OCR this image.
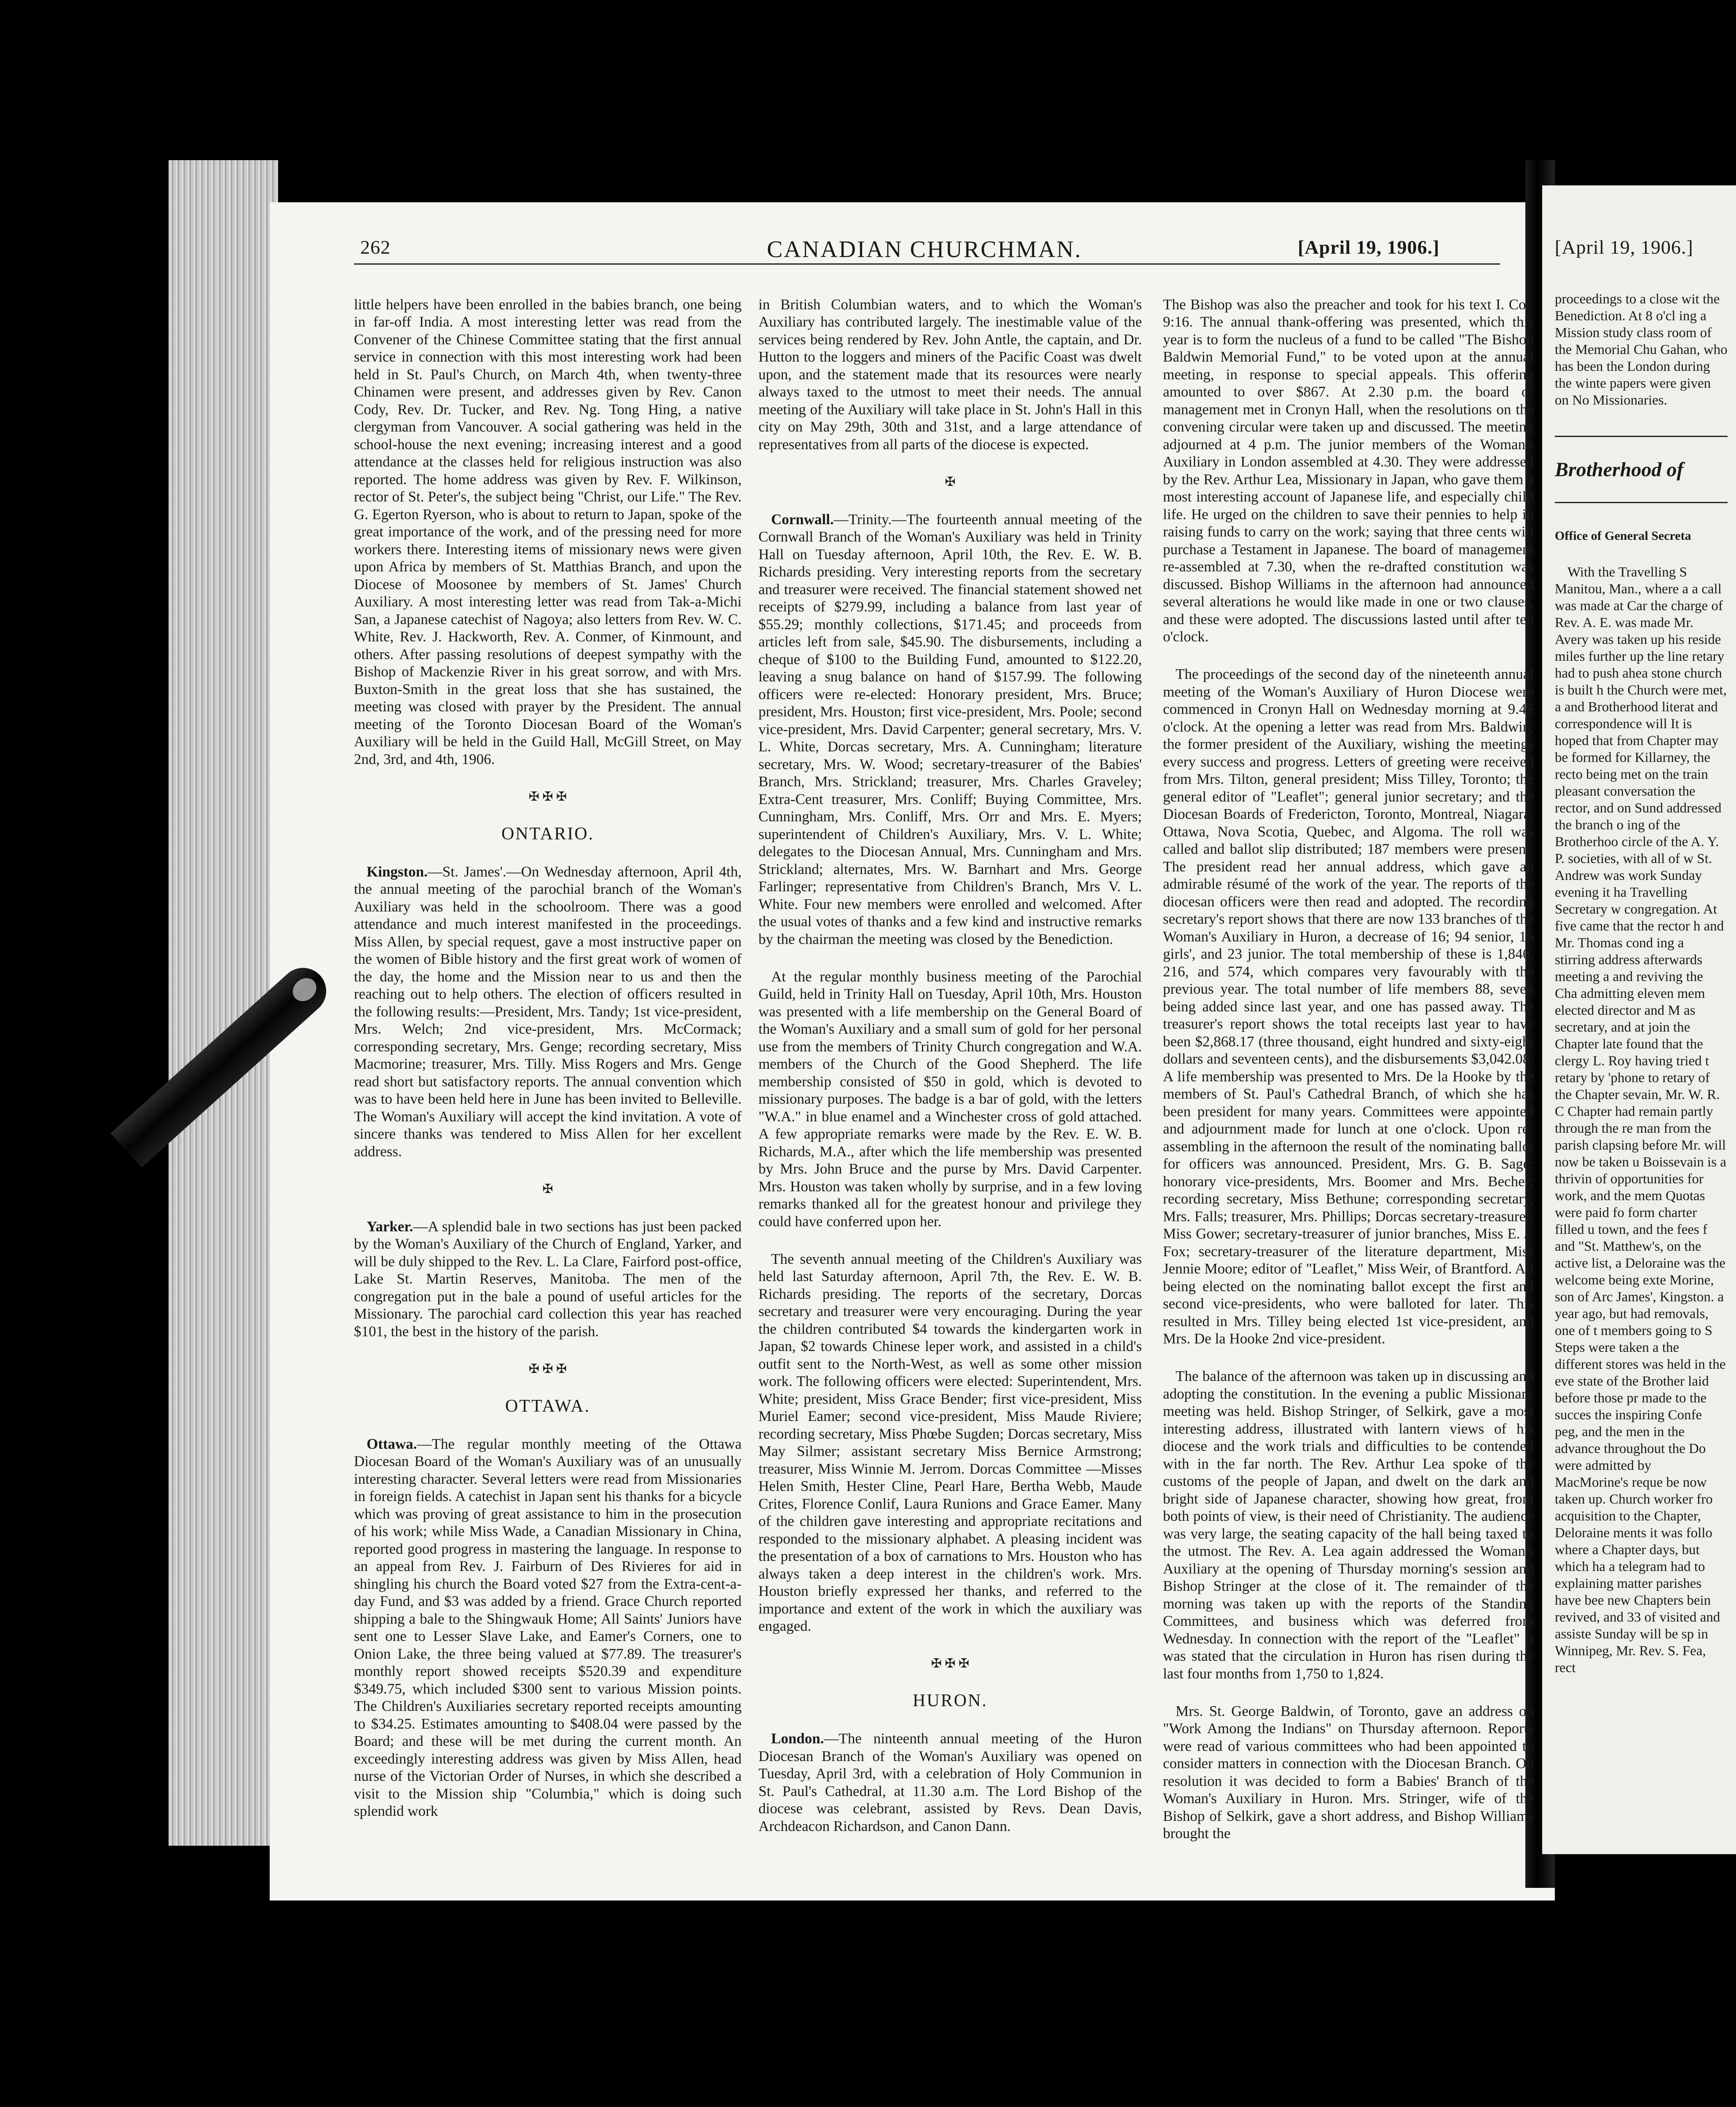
262	CANADIAN CHURCHMAN.	[April 19, 1906.]	[April 19, 1906.]

little helpers have been enrolled in the babies branch, one being in far-off India. A most interesting letter was read from the Convener of the Chinese Committee stating that the first annual service in connection with this most interesting work had been held in St. Paul's Church, on March 4th, when twenty-three Chinamen were present, and addresses given by Rev. Canon Cody, Rev. Dr. Tucker, and Rev. Ng. Tong Hing, a native clergyman from Vancouver. A social gathering was held in the school-house the next evening; increasing interest and a good attendance at the classes held for religious instruction was also reported. The home address was given by Rev. F. Wilkinson, rector of St. Peter's, the subject being "Christ, our Life." The Rev. G. Egerton Ryerson, who is about to return to Japan, spoke of the great importance of the work, and of the pressing need for more workers there. Interesting items of missionary news were given upon Africa by members of St. Matthias Branch, and upon the Diocese of Moosonee by members of St. James' Church Auxiliary. A most interesting letter was read from Tak-a-Michi San, a Japanese catechist of Nagoya; also letters from Rev. W. C. White, Rev. J. Hackworth, Rev. A. Conmer, of Kinmount, and others. After passing resolutions of deepest sympathy with the Bishop of Mackenzie River in his great sorrow, and with Mrs. Buxton-Smith in the great loss that she has sustained, the meeting was closed with prayer by the President. The annual meeting of the Toronto Diocesan Board of the Woman's Auxiliary will be held in the Guild Hall, McGill Street, on May 2nd, 3rd, and 4th, 1906.

✠ ✠ ✠

ONTARIO.

Kingston.—St. James'.—On Wednesday afternoon, April 4th, the annual meeting of the parochial branch of the Woman's Auxiliary was held in the schoolroom. There was a good attendance and much interest manifested in the proceedings. Miss Allen, by special request, gave a most instructive paper on the women of Bible history and the first great work of women of the day, the home and the Mission near to us and then the reaching out to help others. The election of officers resulted in the following results:—President, Mrs. Tandy; 1st vice-president, Mrs. Welch; 2nd vice-president, Mrs. McCormack; corresponding secretary, Mrs. Genge; recording secretary, Miss Macmorine; treasurer, Mrs. Tilly. Miss Rogers and Mrs. Genge read short but satisfactory reports. The annual convention which was to have been held here in June has been invited to Belleville. The Woman's Auxiliary will accept the kind invitation. A vote of sincere thanks was tendered to Miss Allen for her excellent address.

✠

Yarker.—A splendid bale in two sections has just been packed by the Woman's Auxiliary of the Church of England, Yarker, and will be duly shipped to the Rev. L. La Clare, Fairford post-office, Lake St. Martin Reserves, Manitoba. The men of the congregation put in the bale a pound of useful articles for the Missionary. The parochial card collection this year has reached $101, the best in the history of the parish.

✠ ✠ ✠

OTTAWA.

Ottawa.—The regular monthly meeting of the Ottawa Diocesan Board of the Woman's Auxiliary was of an unusually interesting character. Several letters were read from Missionaries in foreign fields. A catechist in Japan sent his thanks for a bicycle which was proving of great assistance to him in the prosecution of his work; while Miss Wade, a Canadian Missionary in China, reported good progress in mastering the language. In response to an appeal from Rev. J. Fairburn of Des Rivieres for aid in shingling his church the Board voted $27 from the Extra-cent-a-day Fund, and $3 was added by a friend. Grace Church reported shipping a bale to the Shingwauk Home; All Saints' Juniors have sent one to Lesser Slave Lake, and Eamer's Corners, one to Onion Lake, the three being valued at $77.89. The treasurer's monthly report showed receipts $520.39 and expenditure $349.75, which included $300 sent to various Mission points. The Children's Auxiliaries secretary reported receipts amounting to $34.25. Estimates amounting to $408.04 were passed by the Board; and these will be met during the current month. An exceedingly interesting address was given by Miss Allen, head nurse of the Victorian Order of Nurses, in which she described a visit to the Mission ship "Columbia," which is doing such splendid work

in British Columbian waters, and to which the Woman's Auxiliary has contributed largely. The inestimable value of the services being rendered by Rev. John Antle, the captain, and Dr. Hutton to the loggers and miners of the Pacific Coast was dwelt upon, and the statement made that its resources were nearly always taxed to the utmost to meet their needs. The annual meeting of the Auxiliary will take place in St. John's Hall in this city on May 29th, 30th and 31st, and a large attendance of representatives from all parts of the diocese is expected.

✠

Cornwall.—Trinity.—The fourteenth annual meeting of the Cornwall Branch of the Woman's Auxiliary was held in Trinity Hall on Tuesday afternoon, April 10th, the Rev. E. W. B. Richards presiding. Very interesting reports from the secretary and treasurer were received. The financial statement showed net receipts of $279.99, including a balance from last year of $55.29; monthly collections, $171.45; and proceeds from articles left from sale, $45.90. The disbursements, including a cheque of $100 to the Building Fund, amounted to $122.20, leaving a snug balance on hand of $157.99. The following officers were re-elected: Honorary president, Mrs. Bruce; president, Mrs. Houston; first vice-president, Mrs. Poole; second vice-president, Mrs. David Carpenter; general secretary, Mrs. V. L. White, Dorcas secretary, Mrs. A. Cunningham; literature secretary, Mrs. W. Wood; secretary-treasurer of the Babies' Branch, Mrs. Strickland; treasurer, Mrs. Charles Graveley; Extra-Cent treasurer, Mrs. Conliff; Buying Committee, Mrs. Cunningham, Mrs. Conliff, Mrs. Orr and Mrs. E. Myers; superintendent of Children's Auxiliary, Mrs. V. L. White; delegates to the Diocesan Annual, Mrs. Cunningham and Mrs. Strickland; alternates, Mrs. W. Barnhart and Mrs. George Farlinger; representative from Children's Branch, Mrs V. L. White. Four new members were enrolled and welcomed. After the usual votes of thanks and a few kind and instructive remarks by the chairman the meeting was closed by the Benediction.

At the regular monthly business meeting of the Parochial Guild, held in Trinity Hall on Tuesday, April 10th, Mrs. Houston was presented with a life membership on the General Board of the Woman's Auxiliary and a small sum of gold for her personal use from the members of Trinity Church congregation and W.A. members of the Church of the Good Shepherd. The life membership consisted of $50 in gold, which is devoted to missionary purposes. The badge is a bar of gold, with the letters "W.A." in blue enamel and a Winchester cross of gold attached. A few appropriate remarks were made by the Rev. E. W. B. Richards, M.A., after which the life membership was presented by Mrs. John Bruce and the purse by Mrs. David Carpenter. Mrs. Houston was taken wholly by surprise, and in a few loving remarks thanked all for the greatest honour and privilege they could have conferred upon her.

The seventh annual meeting of the Children's Auxiliary was held last Saturday afternoon, April 7th, the Rev. E. W. B. Richards presiding. The reports of the secretary, Dorcas secretary and treasurer were very encouraging. During the year the children contributed $4 towards the kindergarten work in Japan, $2 towards Chinese leper work, and assisted in a child's outfit sent to the North-West, as well as some other mission work. The following officers were elected: Superintendent, Mrs. White; president, Miss Grace Bender; first vice-president, Miss Muriel Eamer; second vice-president, Miss Maude Riviere; recording secretary, Miss Phœbe Sugden; Dorcas secretary, Miss May Silmer; assistant secretary Miss Bernice Armstrong; treasurer, Miss Winnie M. Jerrom. Dorcas Committee —Misses Helen Smith, Hester Cline, Pearl Hare, Bertha Webb, Maude Crites, Florence Conlif, Laura Runions and Grace Eamer. Many of the children gave interesting and appropriate recitations and responded to the missionary alphabet. A pleasing incident was the presentation of a box of carnations to Mrs. Houston who has always taken a deep interest in the children's work. Mrs. Houston briefly expressed her thanks, and referred to the importance and extent of the work in which the auxiliary was engaged.

✠ ✠ ✠

HURON.

London.—The ninteenth annual meeting of the Huron Diocesan Branch of the Woman's Auxiliary was opened on Tuesday, April 3rd, with a celebration of Holy Communion in St. Paul's Cathedral, at 11.30 a.m. The Lord Bishop of the diocese was celebrant, assisted by Revs. Dean Davis, Archdeacon Richardson, and Canon Dann.

The Bishop was also the preacher and took for his text I. Cor. 9:16. The annual thank-offering was presented, which this year is to form the nucleus of a fund to be called "The Bishop Baldwin Memorial Fund," to be voted upon at the annual meeting, in response to special appeals. This offering amounted to over $867. At 2.30 p.m. the board of management met in Cronyn Hall, when the resolutions on the convening circular were taken up and discussed. The meeting adjourned at 4 p.m. The junior members of the Woman's Auxiliary in London assembled at 4.30. They were addressed by the Rev. Arthur Lea, Missionary in Japan, who gave them a most interesting account of Japanese life, and especially child life. He urged on the children to save their pennies to help in raising funds to carry on the work; saying that three cents will purchase a Testament in Japanese. The board of management re-assembled at 7.30, when the re-drafted constitution was discussed. Bishop Williams in the afternoon had announced several alterations he would like made in one or two clauses, and these were adopted. The discussions lasted until after ten o'clock.

The proceedings of the second day of the nineteenth annual meeting of the Woman's Auxiliary of Huron Diocese were commenced in Cronyn Hall on Wednesday morning at 9.45 o'clock. At the opening a letter was read from Mrs. Baldwin, the former president of the Auxiliary, wishing the meetings every success and progress. Letters of greeting were received from Mrs. Tilton, general president; Miss Tilley, Toronto; the general editor of "Leaflet"; general junior secretary; and the Diocesan Boards of Fredericton, Toronto, Montreal, Niagara, Ottawa, Nova Scotia, Quebec, and Algoma. The roll was called and ballot slip distributed; 187 members were present. The president read her annual address, which gave an admirable résumé of the work of the year. The reports of the diocesan officers were then read and adopted. The recording secretary's report shows that there are now 133 branches of the Woman's Auxiliary in Huron, a decrease of 16; 94 senior, 16 girls', and 23 junior. The total membership of these is 1,846, 216, and 574, which compares very favourably with the previous year. The total number of life members 88, seven being added since last year, and one has passed away. The treasurer's report shows the total receipts last year to have been $2,868.17 (three thousand, eight hundred and sixty-eight dollars and seventeen cents), and the disbursements $3,042.08. A life membership was presented to Mrs. De la Hooke by the members of St. Paul's Cathedral Branch, of which she has been president for many years. Committees were appointed and adjournment made for lunch at one o'clock. Upon re-assembling in the afternoon the result of the nominating ballot for officers was announced. President, Mrs. G. B. Sage; honorary vice-presidents, Mrs. Boomer and Mrs. Becher; recording secretary, Miss Bethune; corresponding secretary, Mrs. Falls; treasurer, Mrs. Phillips; Dorcas secretary-treasurer, Miss Gower; secretary-treasurer of junior branches, Miss E. J. Fox; secretary-treasurer of the literature department, Miss Jennie Moore; editor of "Leaflet," Miss Weir, of Brantford. All being elected on the nominating ballot except the first and second vice-presidents, who were balloted for later. This resulted in Mrs. Tilley being elected 1st vice-president, and Mrs. De la Hooke 2nd vice-president.

The balance of the afternoon was taken up in discussing and adopting the constitution. In the evening a public Missionary meeting was held. Bishop Stringer, of Selkirk, gave a most interesting address, illustrated with lantern views of his diocese and the work trials and difficulties to be contended with in the far north. The Rev. Arthur Lea spoke of the customs of the people of Japan, and dwelt on the dark and bright side of Japanese character, showing how great, from both points of view, is their need of Christianity. The audience was very large, the seating capacity of the hall being taxed to the utmost. The Rev. A. Lea again addressed the Woman's Auxiliary at the opening of Thursday morning's session and Bishop Stringer at the close of it. The remainder of the morning was taken up with the reports of the Standing Committees, and business which was deferred from Wednesday. In connection with the report of the "Leaflet" it was stated that the circulation in Huron has risen during the last four months from 1,750 to 1,824.

Mrs. St. George Baldwin, of Toronto, gave an address on "Work Among the Indians" on Thursday afternoon. Reports were read of various committees who had been appointed to consider matters in connection with the Diocesan Branch. On resolution it was decided to form a Babies' Branch of the Woman's Auxiliary in Huron. Mrs. Stringer, wife of the Bishop of Selkirk, gave a short address, and Bishop Williams brought the

proceedings to a close wit the Benediction. At 8 o'cl ing a Mission study class room of the Memorial Chu Gahan, who has been the London during the winte papers were given on No Missionaries.

Brotherhood of

Office of General Secreta

With the Travelling S Manitou, Man., where a a call was made at Car the charge of Rev. A. E. was made Mr. Avery was taken up his reside miles further up the line retary had to push ahea stone church is built h the Church were met, a and Brotherhood literat and correspondence will It is hoped that from Chapter may be formed for Killarney, the recto being met on the train pleasant conversation the rector, and on Sund addressed the branch o ing of the Brotherhoo circle of the A. Y. P. societies, with all of w St. Andrew was work Sunday evening it ha Travelling Secretary w congregation. At five came that the rector h and Mr. Thomas cond ing a stirring address afterwards meeting a and reviving the Cha admitting eleven mem elected director and M as secretary, and at join the Chapter late found that the clergy L. Roy having tried t retary by 'phone to retary of the Chapter sevain, Mr. W. R. C Chapter had remain partly through the re man from the parish clapsing before Mr. will now be taken u Boissevain is a thrivin of opportunities for work, and the mem Quotas were paid fo form charter filled u town, and the fees f and "St. Matthew's, on the active list, a Deloraine was the welcome being exte Morine, son of Arc James', Kingston. a year ago, but had removals, one of t members going to S Steps were taken a the different stores was held in the eve state of the Brother laid before those pr made to the succes the inspiring Confe peg, and the men in the advance throughout the Do were admitted by MacMorine's reque be now taken up. Church worker fro acquisition to the Chapter, Deloraine ments it was follo where a Chapter days, but which ha a telegram had to explaining matter parishes have bee new Chapters bein revived, and 33 of visited and assiste Sunday will be sp in Winnipeg, Mr. Rev. S. Fea, rect
